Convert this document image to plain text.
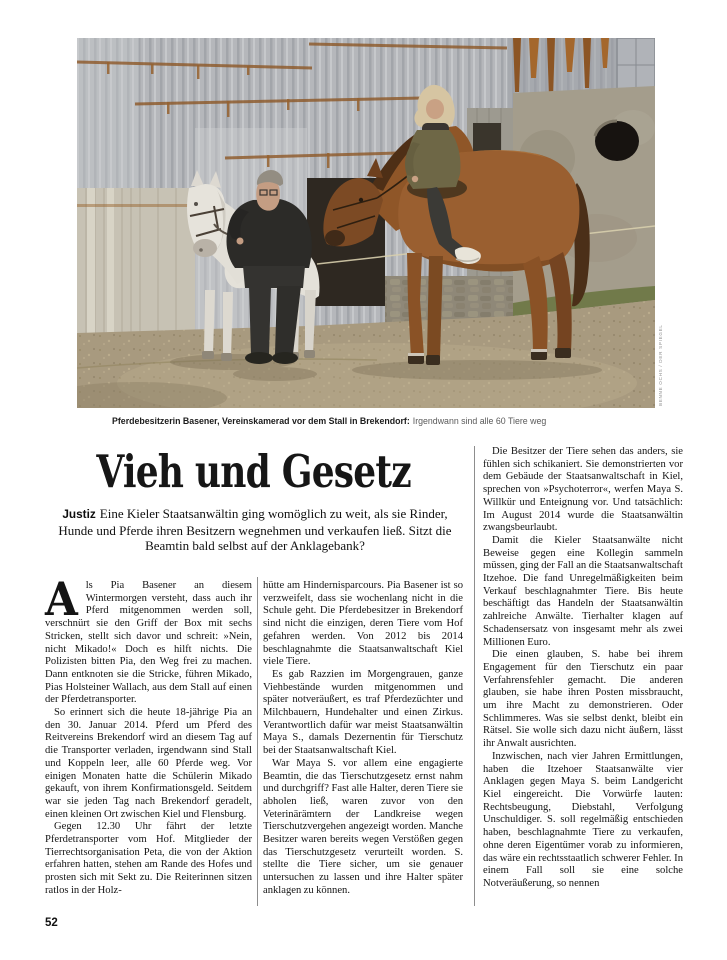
BENNE OCHS / DER SPIEGEL
Pferdebesitzerin Basener, Vereinskamerad vor dem Stall in Brekendorf: Irgendwann sind alle 60 Tiere weg
Vieh und Gesetz

Justiz Eine Kieler Staatsanwältin ging womöglich zu weit, als sie Rinder, Hunde und Pferde ihren Besitzern wegnehmen und verkaufen ließ. Sitzt die Beamtin bald selbst auf der Anklagebank?

Als Pia Basener an diesem Wintermorgen versteht, dass auch ihr Pferd mitgenommen werden soll, verschnürt sie den Griff der Box mit sechs Stricken, stellt sich davor und schreit: »Nein, nicht Mikado!« Doch es hilft nichts. Die Polizisten bitten Pia, den Weg frei zu machen. Dann entknoten sie die Stricke, führen Mikado, Pias Holsteiner Wallach, aus dem Stall auf einen der Pferdetransporter.

So erinnert sich die heute 18-jährige Pia an den 30. Januar 2014. Pferd um Pferd des Reitvereins Brekendorf wird an diesem Tag auf die Transporter verladen, irgendwann sind Stall und Koppeln leer, alle 60 Pferde weg. Vor einigen Monaten hatte die Schülerin Mikado gekauft, von ihrem Konfirmationsgeld. Seitdem war sie jeden Tag nach Brekendorf geradelt, einen kleinen Ort zwischen Kiel und Flensburg.

Gegen 12.30 Uhr fährt der letzte Pferdetransporter vom Hof. Mitglieder der Tierrechtsorganisation Peta, die von der Aktion erfahren hatten, stehen am Rande des Hofes und prosten sich mit Sekt zu. Die Reiterinnen sitzen ratlos in der Holz-

hütte am Hindernisparcours. Pia Basener ist so verzweifelt, dass sie wochenlang nicht in die Schule geht. Die Pferdebesitzer in Brekendorf sind nicht die einzigen, deren Tiere vom Hof gefahren werden. Von 2012 bis 2014 beschlagnahmte die Staatsanwaltschaft Kiel viele Tiere.

Es gab Razzien im Morgengrauen, ganze Viehbestände wurden mitgenommen und später notveräußert, es traf Pferdezüchter und Milchbauern, Hundehalter und einen Zirkus. Verantwortlich dafür war meist Staatsanwältin Maya S., damals Dezernentin für Tierschutz bei der Staatsanwaltschaft Kiel.

War Maya S. vor allem eine engagierte Beamtin, die das Tierschutzgesetz ernst nahm und durchgriff? Fast alle Halter, deren Tiere sie abholen ließ, waren zuvor von den Veterinärämtern der Landkreise wegen Tierschutzvergehen angezeigt worden. Manche Besitzer waren bereits wegen Verstößen gegen das Tierschutzgesetz verurteilt worden. S. stellte die Tiere sicher, um sie genauer untersuchen zu lassen und ihre Halter später anklagen zu können.

Die Besitzer der Tiere sehen das anders, sie fühlen sich schikaniert. Sie demonstrierten vor dem Gebäude der Staatsanwaltschaft in Kiel, sprechen von »Psychoterror«, werfen Maya S. Willkür und Enteignung vor. Und tatsächlich: Im August 2014 wurde die Staatsanwältin zwangsbeurlaubt.

Damit die Kieler Staatsanwälte nicht Beweise gegen eine Kollegin sammeln müssen, ging der Fall an die Staatsanwaltschaft Itzehoe. Die fand Unregelmäßigkeiten beim Verkauf beschlagnahmter Tiere. Bis heute beschäftigt das Handeln der Staatsanwältin zahlreiche Anwälte. Tierhalter klagen auf Schadensersatz von insgesamt mehr als zwei Millionen Euro.

Die einen glauben, S. habe bei ihrem Engagement für den Tierschutz ein paar Verfahrensfehler gemacht. Die anderen glauben, sie habe ihren Posten missbraucht, um ihre Macht zu demonstrieren. Oder Schlimmeres. Was sie selbst denkt, bleibt ein Rätsel. Sie wolle sich dazu nicht äußern, lässt ihr Anwalt ausrichten.

Inzwischen, nach vier Jahren Ermittlungen, haben die Itzehoer Staatsanwälte vier Anklagen gegen Maya S. beim Landgericht Kiel eingereicht. Die Vorwürfe lauten: Rechtsbeugung, Diebstahl, Verfolgung Unschuldiger. S. soll regelmäßig entschieden haben, beschlagnahmte Tiere zu verkaufen, ohne deren Eigentümer vorab zu informieren, das wäre ein rechtsstaatlich schwerer Fehler. In einem Fall soll sie eine solche Notveräußerung, so nennen

52
